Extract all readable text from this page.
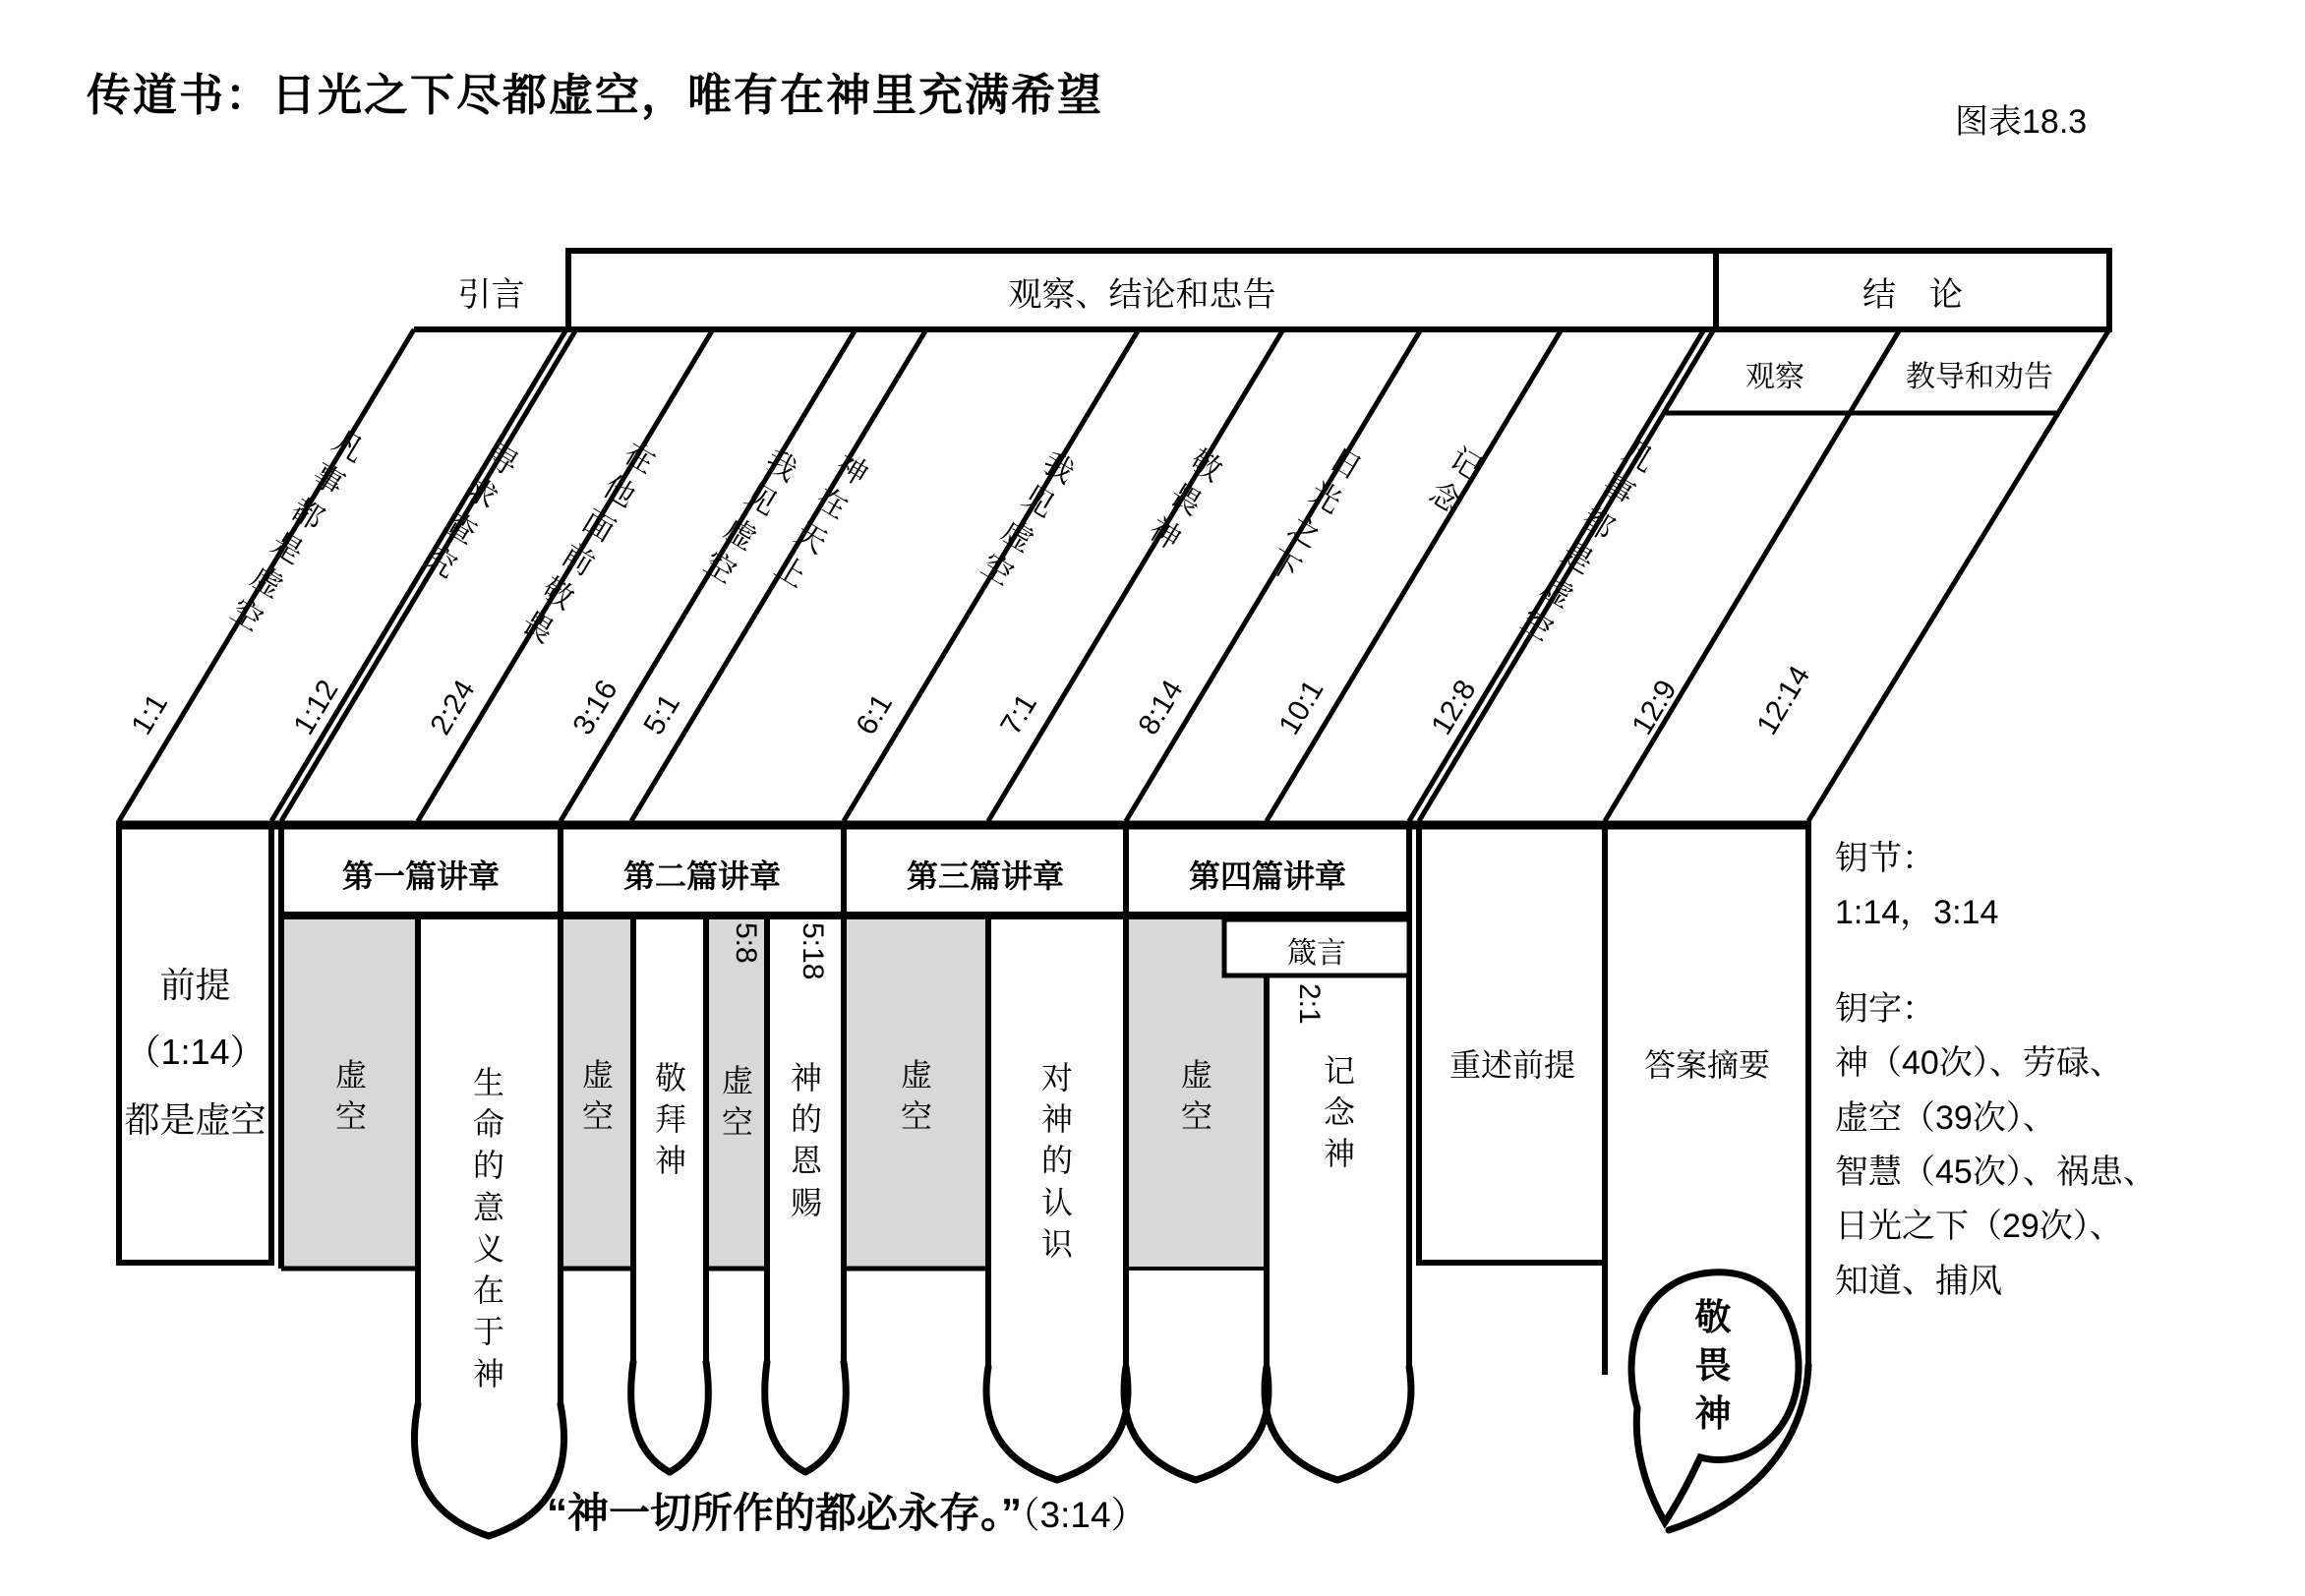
传道书：日光之下尽都虚空，唯有在神里充满希望
图表18.3
引言	观察、结论和忠告	结　论
观察	教导和劝告
凡事都是虚空
寻求查究
在他面前敬畏
我见虚空
神在天上
我见虚空
敬畏神
日光之下
记念
凡事都是虚空
1:1	1:12	2:24	3:16 5:1	6:1	7:1	8:14	10:1	12:8	12:9 12:14
前提
（1:14）
都是虚空
第一篇讲章	第二篇讲章	第三篇讲章	第四篇讲章
虚空
生命的意义在于神
虚空
敬拜神
虚空
神的恩赐
虚空
对神的认识
虚空
记念神
5:8 5:18
2:1
箴言
重述前提	答案摘要
敬畏神
钥节：
1:14，3:14
钥字：
神（40次）、劳碌、
虚空（39次）、
智慧（45次）、祸患、
日光之下（29次）、
知道、捕风
“神一切所作的都必永存。”（3:14）
